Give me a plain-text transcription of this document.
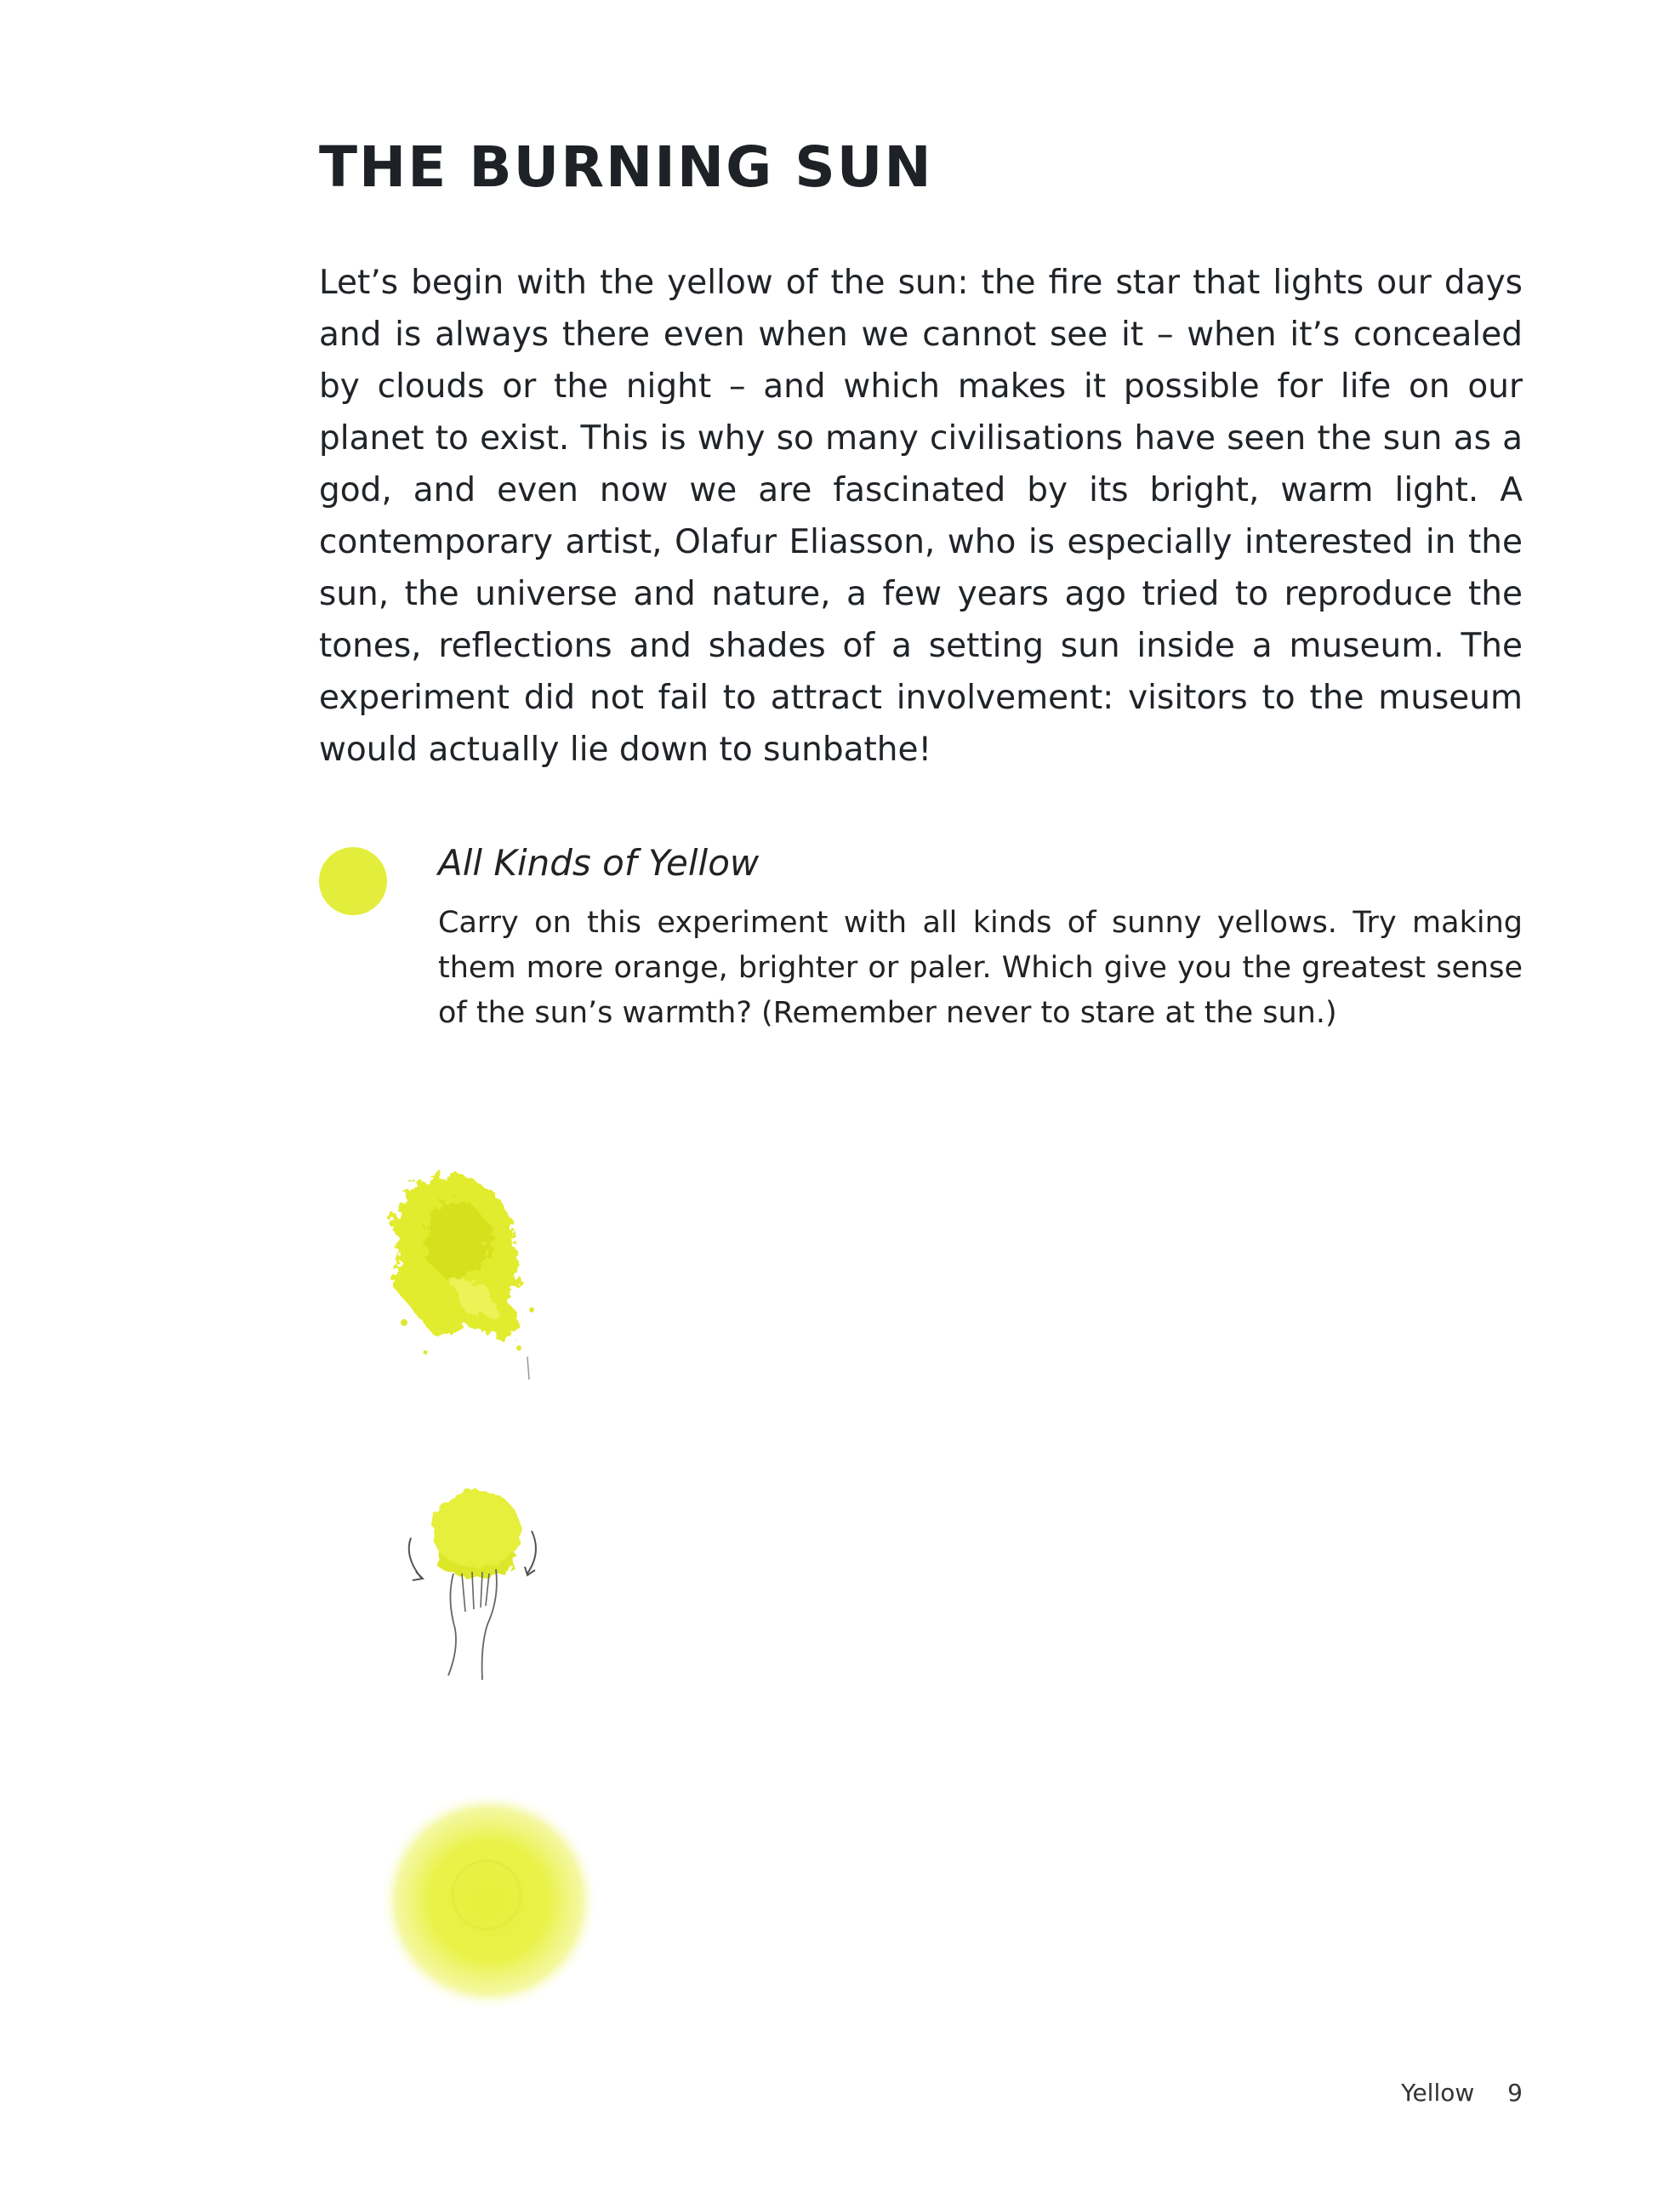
THE BURNING SUN

Let’s begin with the yellow of the sun: the fire star that lights our days and is always there even when we cannot see it – when it’s concealed by clouds or the night – and which makes it possible for life on our planet to exist. This is why so many civilisations have seen the sun as a god, and even now we are fascinated by its bright, warm light. A contemporary artist, Olafur Eliasson, who is especially interested in the sun, the universe and nature, a few years ago tried to reproduce the tones, reflections and shades of a setting sun inside a museum. The experiment did not fail to attract involvement: visitors to the museum would actually lie down to sunbathe!

All Kinds of Yellow

Carry on this experiment with all kinds of sunny yellows. Try making them more orange, brighter or paler. Which give you the greatest sense of the sun’s warmth? (Remember never to stare at the sun.)

Yellow 9
